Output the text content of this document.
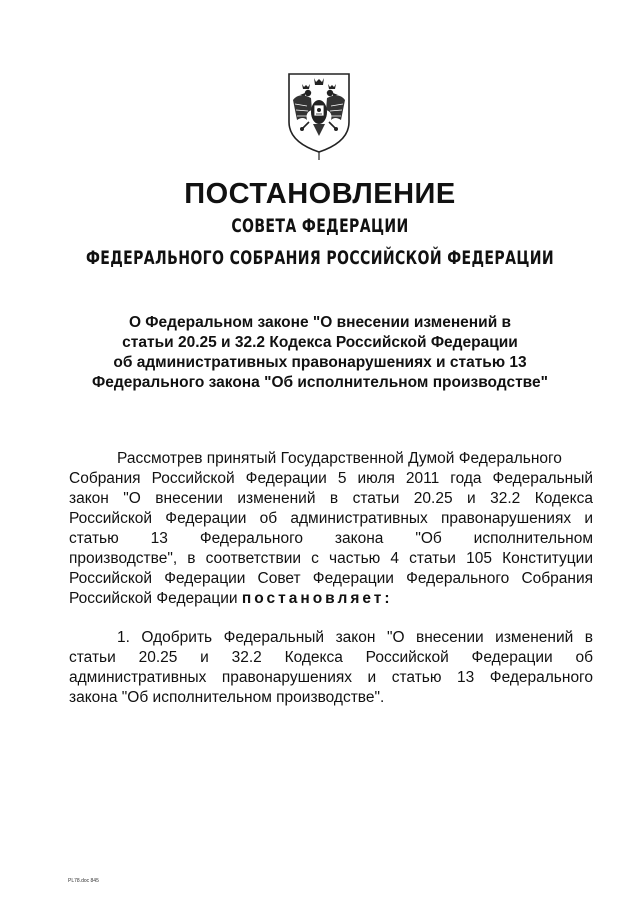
ПОСТАНОВЛЕНИЕ
СОВЕТА ФЕДЕРАЦИИ
ФЕДЕРАЛЬНОГО СОБРАНИЯ РОССИЙСКОЙ ФЕДЕРАЦИИ
О Федеральном законе "О внесении изменений в
статьи 20.25 и 32.2 Кодекса Российской Федерации
об административных правонарушениях и статью 13
Федерального закона "Об исполнительном производстве"
Рассмотрев принятый Государственной Думой Федерального
Собрания Российской Федерации 5 июля 2011 года Федеральный
закон "О внесении изменений в статьи 20.25 и 32.2 Кодекса
Российской Федерации об административных правонарушениях и
статью 13 Федерального закона "Об исполнительном
производстве", в соответствии с частью 4 статьи 105 Конституции
Российской Федерации Совет Федерации Федерального Собрания
Российской Федерации постановляет:
1. Одобрить Федеральный закон "О внесении изменений в
статьи 20.25 и 32.2 Кодекса Российской Федерации об
административных правонарушениях и статью 13 Федерального
закона "Об исполнительном производстве".
PL78.doc 845
